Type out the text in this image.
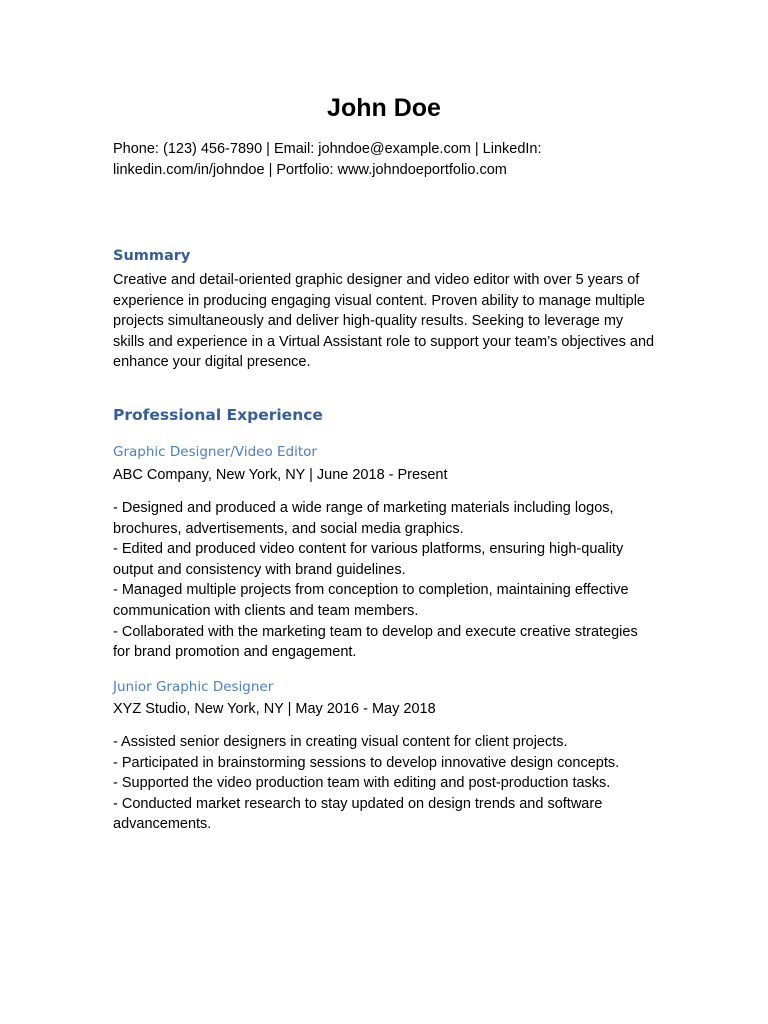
John Doe
Phone: (123) 456-7890 | Email: johndoe@example.com | LinkedIn:
linkedin.com/in/johndoe | Portfolio: www.johndoeportfolio.com
Summary

Creative and detail-oriented graphic designer and video editor with over 5 years of experience in producing engaging visual content. Proven ability to manage multiple projects simultaneously and deliver high-quality results. Seeking to leverage my skills and experience in a Virtual Assistant role to support your team’s objectives and enhance your digital presence.

Professional Experience
Graphic Designer/Video Editor

ABC Company, New York, NY | June 2018 - Present

- Designed and produced a wide range of marketing materials including logos, brochures, advertisements, and social media graphics.
- Edited and produced video content for various platforms, ensuring high-quality output and consistency with brand guidelines.
- Managed multiple projects from conception to completion, maintaining effective communication with clients and team members.
- Collaborated with the marketing team to develop and execute creative strategies for brand promotion and engagement.
Junior Graphic Designer

XYZ Studio, New York, NY | May 2016 - May 2018

- Assisted senior designers in creating visual content for client projects.
- Participated in brainstorming sessions to develop innovative design concepts.
- Supported the video production team with editing and post-production tasks.
- Conducted market research to stay updated on design trends and software advancements.
